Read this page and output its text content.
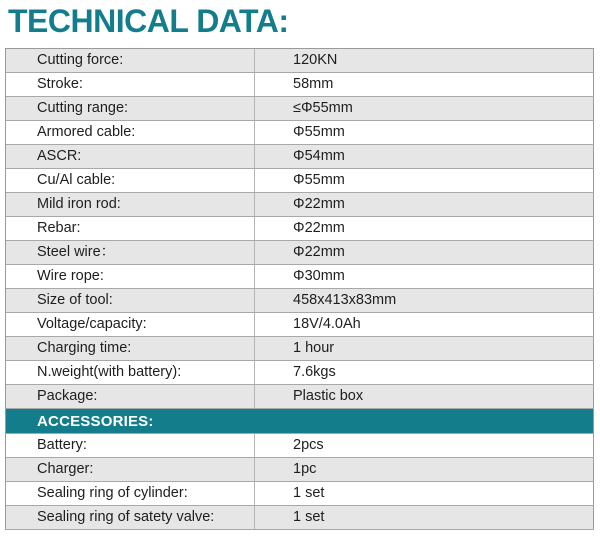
TECHNICAL DATA:
Cutting force:	120KN
Stroke:	58mm
Cutting range:	≤Φ55mm
Armored cable:	Φ55mm
ASCR:	Φ54mm
Cu/Al cable:	Φ55mm
Mild iron rod:	Φ22mm
Rebar:	Φ22mm
Steel wire：	Φ22mm
Wire rope:	Φ30mm
Size of tool:	458x413x83mm
Voltage/capacity:	18V/4.0Ah
Charging time:	1 hour
N.weight(with battery):	7.6kgs
Package:	Plastic box
ACCESSORIES:
Battery:	2pcs
Charger:	1pc
Sealing ring of cylinder:	1 set
Sealing ring of satety valve:	1 set
